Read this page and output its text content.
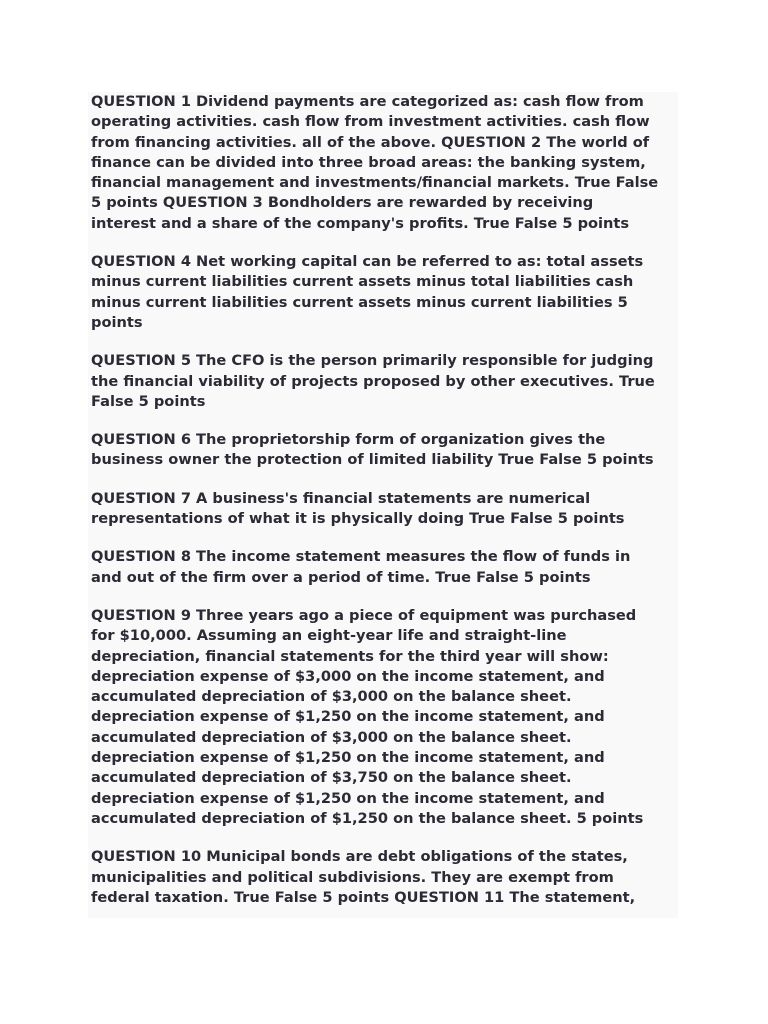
QUESTION 1 Dividend payments are categorized as: cash flow from
operating activities. cash flow from investment activities. cash flow
from financing activities. all of the above. QUESTION 2 The world of
finance can be divided into three broad areas: the banking system,
financial management and investments/financial markets. True False
5 points QUESTION 3 Bondholders are rewarded by receiving
interest and a share of the company's profits. True False 5 points

QUESTION 4 Net working capital can be referred to as: total assets
minus current liabilities current assets minus total liabilities cash
minus current liabilities current assets minus current liabilities 5
points

QUESTION 5 The CFO is the person primarily responsible for judging
the financial viability of projects proposed by other executives. True
False 5 points

QUESTION 6 The proprietorship form of organization gives the
business owner the protection of limited liability True False 5 points

QUESTION 7 A business's financial statements are numerical
representations of what it is physically doing True False 5 points

QUESTION 8 The income statement measures the flow of funds in
and out of the firm over a period of time. True False 5 points

QUESTION 9 Three years ago a piece of equipment was purchased
for $10,000. Assuming an eight-year life and straight-line
depreciation, financial statements for the third year will show:
depreciation expense of $3,000 on the income statement, and
accumulated depreciation of $3,000 on the balance sheet.
depreciation expense of $1,250 on the income statement, and
accumulated depreciation of $3,000 on the balance sheet.
depreciation expense of $1,250 on the income statement, and
accumulated depreciation of $3,750 on the balance sheet.
depreciation expense of $1,250 on the income statement, and
accumulated depreciation of $1,250 on the balance sheet. 5 points

QUESTION 10 Municipal bonds are debt obligations of the states,
municipalities and political subdivisions. They are exempt from
federal taxation. True False 5 points QUESTION 11 The statement,
